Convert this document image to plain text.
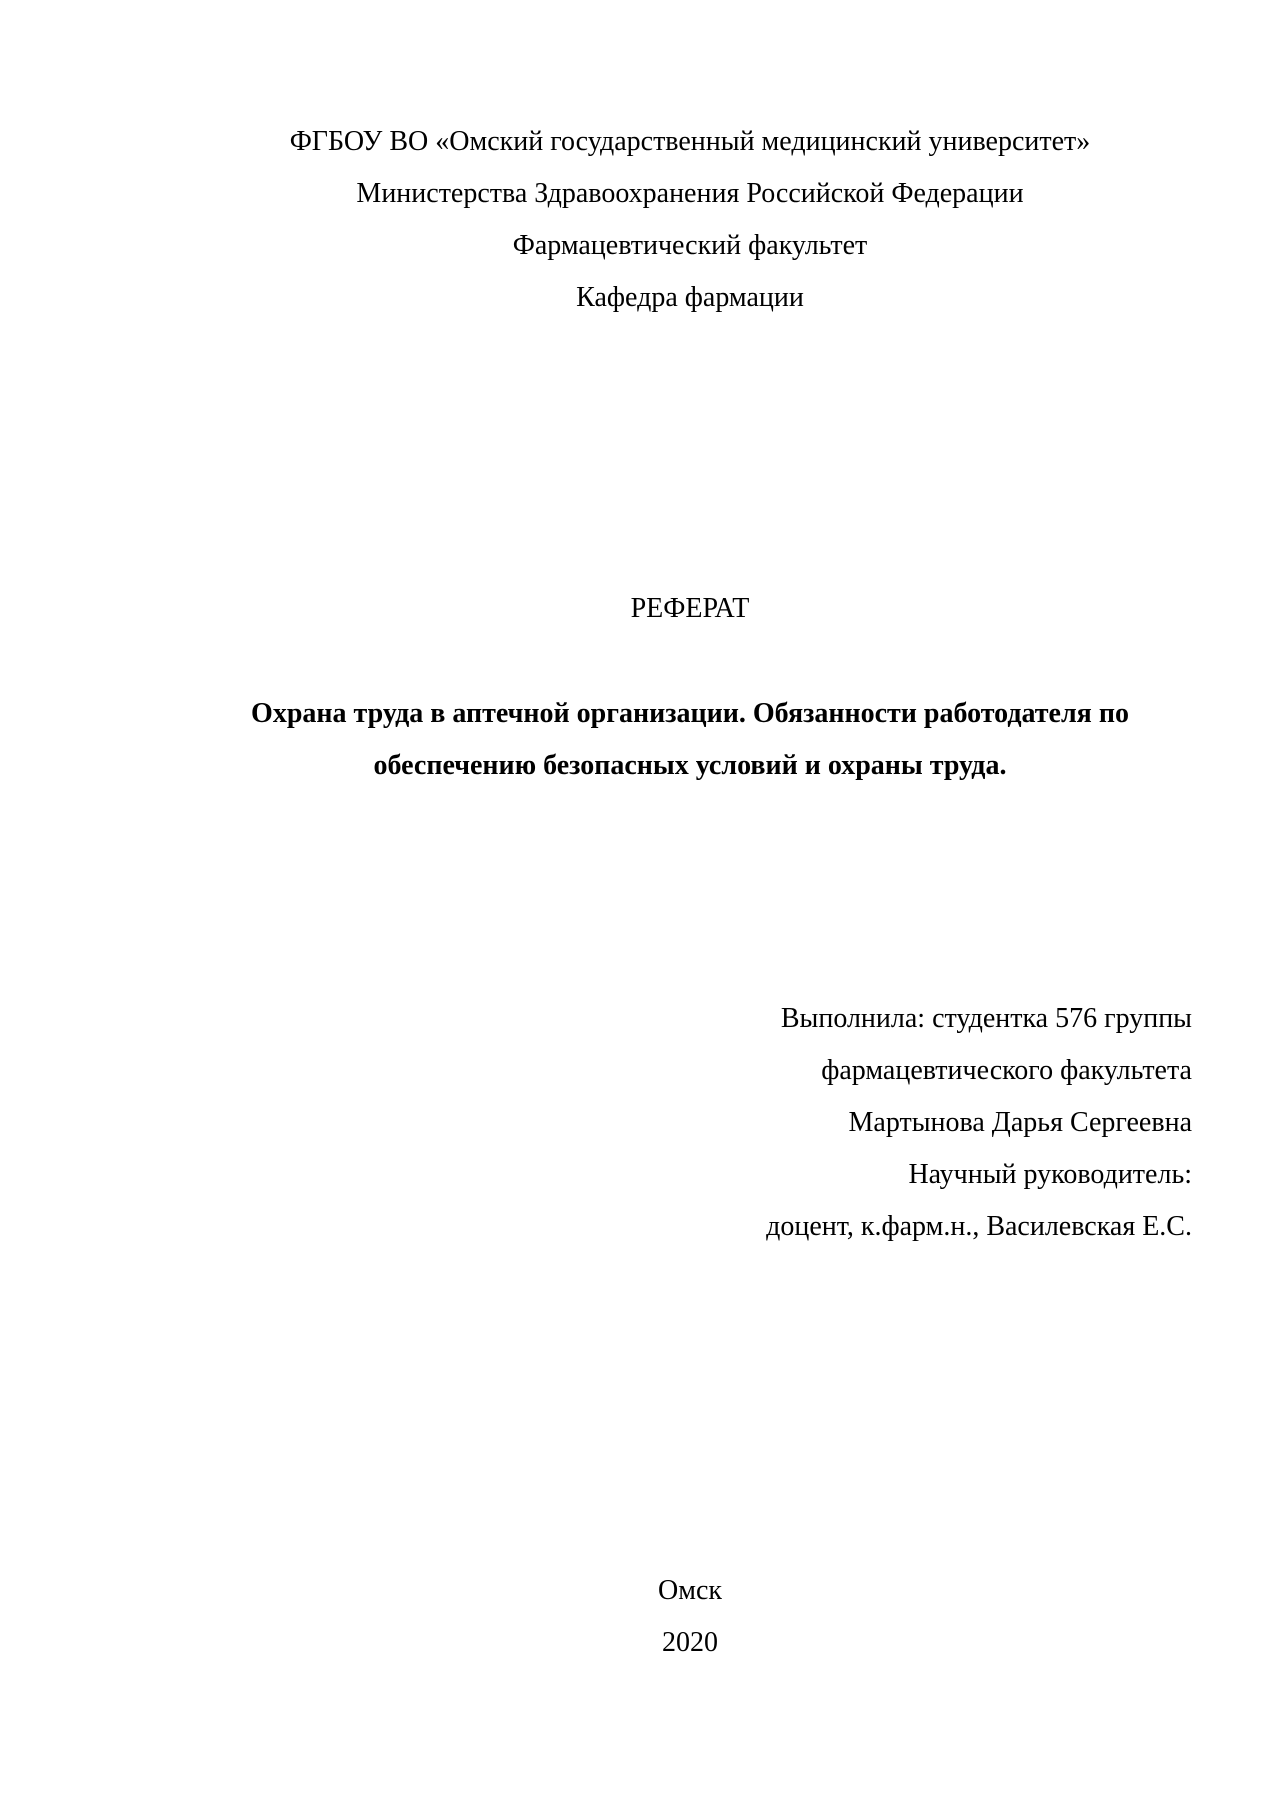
ФГБОУ ВО «Омский государственный медицинский университет»
Министерства Здравоохранения Российской Федерации
Фармацевтический факультет
Кафедра фармации
РЕФЕРАТ
Охрана труда в аптечной организации. Обязанности работодателя по
обеспечению безопасных условий и охраны труда.
Выполнила: студентка 576 группы
фармацевтического факультета
Мартынова Дарья Сергеевна
Научный руководитель:
доцент, к.фарм.н., Василевская Е.С.
Омск
2020
